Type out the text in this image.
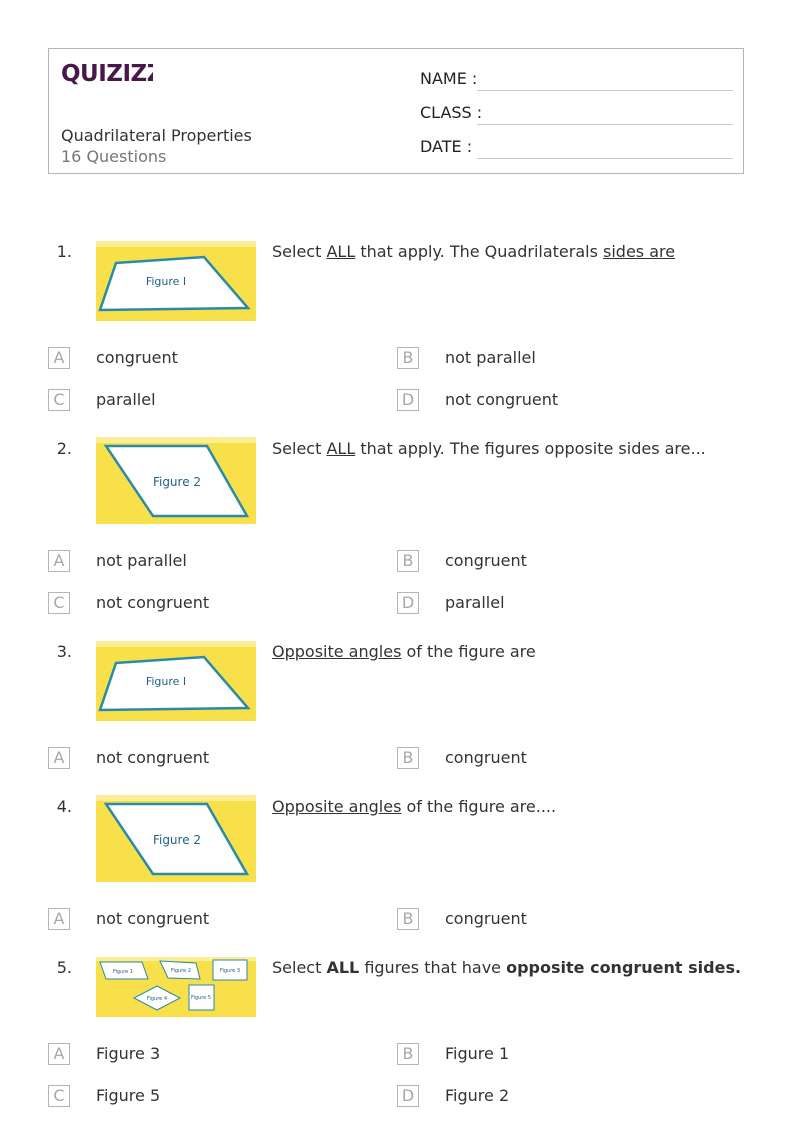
QUIZIZZ
Quadrilateral Properties
16 Questions
NAME :
CLASS :
DATE :
1.
Figure I
Select ALL that apply. The Quadrilaterals sides are
A	congruent	B	not parallel
C	parallel	D	not congruent
2.
Figure 2
Select ALL that apply. The figures opposite sides are...
A	not parallel	B	congruent
C	not congruent	D	parallel
3.
Figure I
Opposite angles of the figure are
A	not congruent	B	congruent
4.
Figure 2
Opposite angles of the figure are....
A	not congruent	B	congruent
5.	Figure 1	Figure 2	Figure 3
Figure 4	Figure 5
Select ALL figures that have opposite congruent sides.
A	Figure 3	B	Figure 1
C	Figure 5	D	Figure 2
